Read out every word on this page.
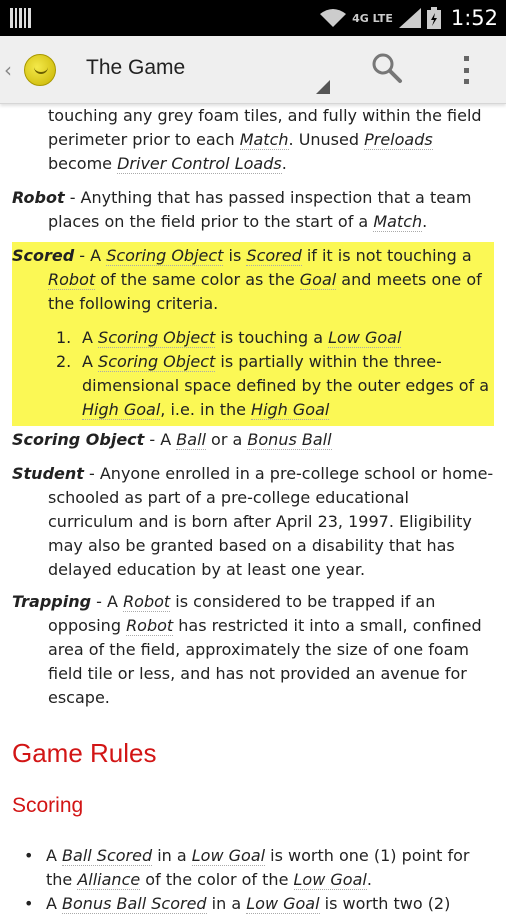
4G LTE	1:52
‹	The Game
touching any grey foam tiles, and fully within the field
perimeter prior to each Match. Unused Preloads
become Driver Control Loads.
Robot - Anything that has passed inspection that a team places on the field prior to the start of a Match.
Scored - A Scoring Object is Scored if it is not touching a Robot of the same color as the Goal and meets one of the following criteria.
1. A Scoring Object is touching a Low Goal
2. A Scoring Object is partially within the three-dimensional space defined by the outer edges of a High Goal, i.e. in the High Goal
Scoring Object - A Ball or a Bonus Ball
Student - Anyone enrolled in a pre-college school or home-schooled as part of a pre-college educational curriculum and is born after April 23, 1997. Eligibility may also be granted based on a disability that has delayed education by at least one year.
Trapping - A Robot is considered to be trapped if an opposing Robot has restricted it into a small, confined area of the field, approximately the size of one foam field tile or less, and has not provided an avenue for escape.
Game Rules
Scoring
• A Ball Scored in a Low Goal is worth one (1) point for the Alliance of the color of the Low Goal.
• A Bonus Ball Scored in a Low Goal is worth two (2)
